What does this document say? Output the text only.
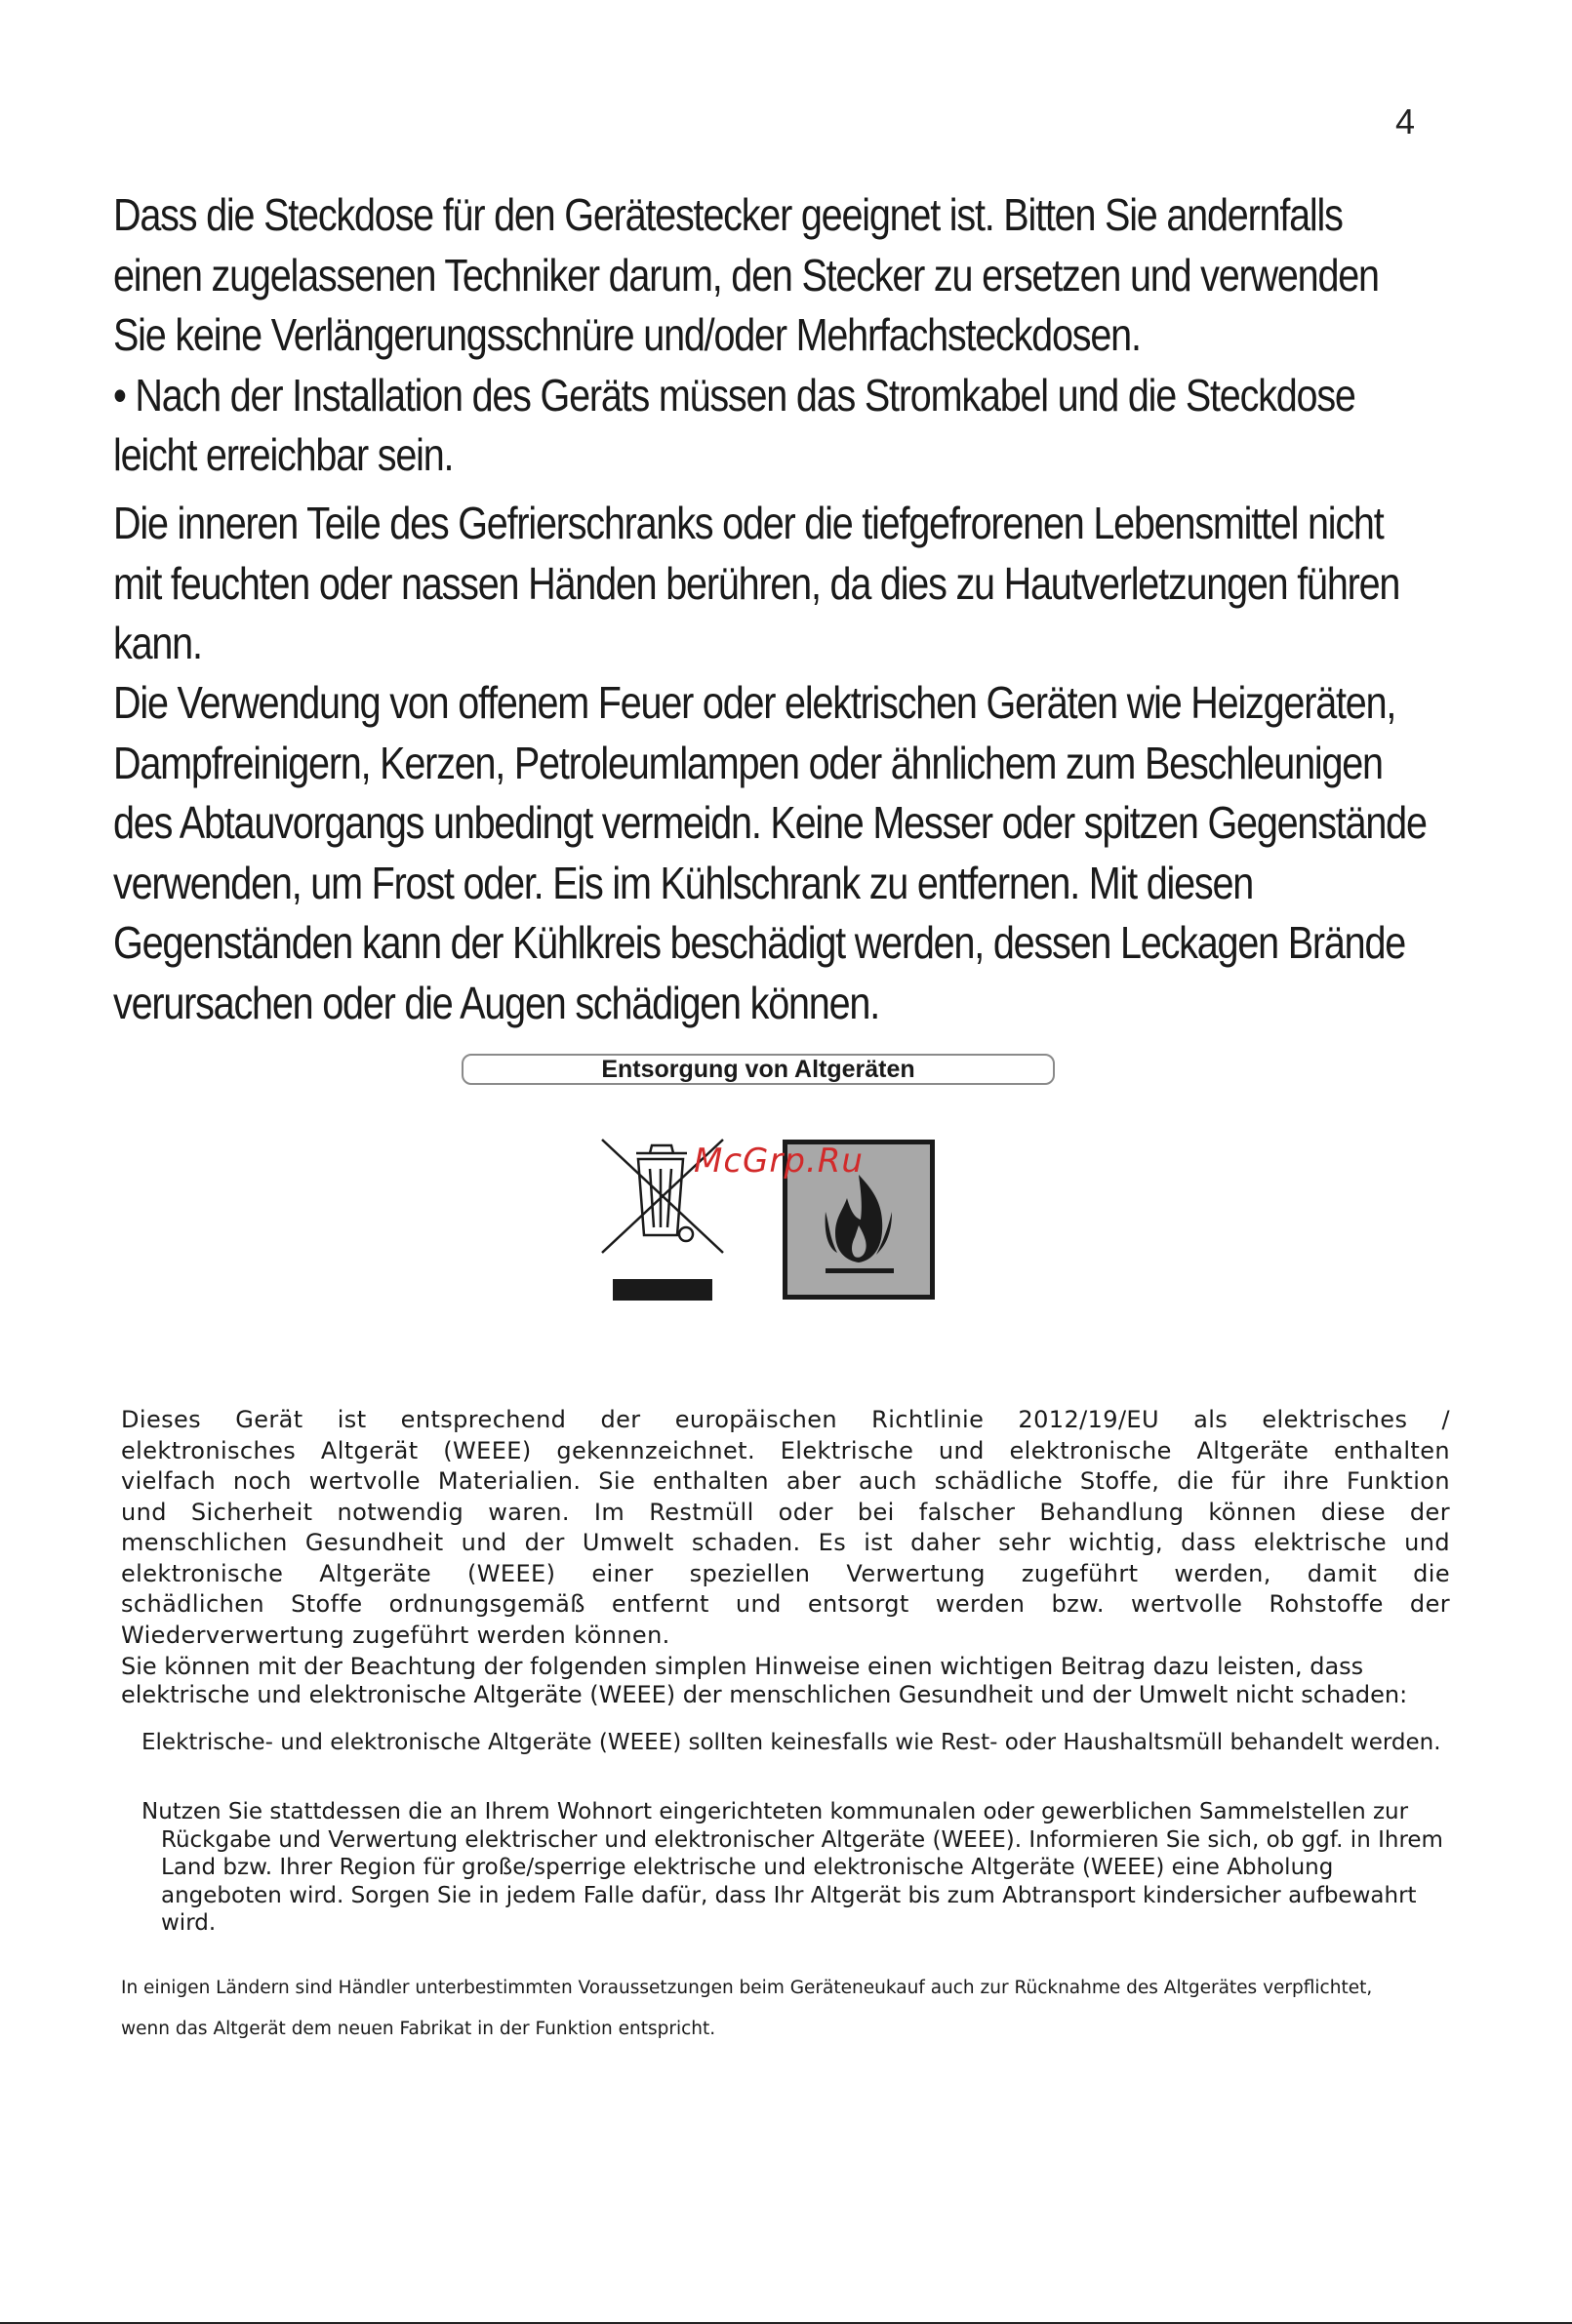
4

Dass die Steckdose für den Gerätestecker geeignet ist. Bitten Sie andernfalls

einen zugelassenen Techniker darum, den Stecker zu ersetzen und verwenden

Sie keine Verlängerungsschnüre und/oder Mehrfachsteckdosen.

• Nach der Installation des Geräts müssen das Stromkabel und die Steckdose

leicht erreichbar sein.

Die inneren Teile des Gefrierschranks oder die tiefgefrorenen Lebensmittel nicht

mit feuchten oder nassen Händen berühren, da dies zu Hautverletzungen führen

kann.

Die Verwendung von offenem Feuer oder elektrischen Geräten wie Heizgeräten,

Dampfreinigern, Kerzen, Petroleumlampen oder ähnlichem zum Beschleunigen

des Abtauvorgangs unbedingt vermeidn. Keine Messer oder spitzen Gegenstände

verwenden, um Frost oder. Eis im Kühlschrank zu entfernen. Mit diesen

Gegenständen kann der Kühlkreis beschädigt werden, dessen Leckagen Brände

verursachen oder die Augen schädigen können.

Entsorgung von Altgeräten
McGrp.Ru

Dieses Gerät ist entsprechend der europäischen Richtlinie 2012/19/EU als elektrisches /

elektronisches Altgerät (WEEE) gekennzeichnet. Elektrische und elektronische Altgeräte enthalten

vielfach noch wertvolle Materialien. Sie enthalten aber auch schädliche Stoffe, die für ihre Funktion

und Sicherheit notwendig waren. Im Restmüll oder bei falscher Behandlung können diese der

menschlichen Gesundheit und der Umwelt schaden. Es ist daher sehr wichtig, dass elektrische und

elektronische Altgeräte (WEEE) einer speziellen Verwertung zugeführt werden, damit die

schädlichen Stoffe ordnungsgemäß entfernt und entsorgt werden bzw. wertvolle Rohstoffe der

Wiederverwertung zugeführt werden können.

Sie können mit der Beachtung der folgenden simplen Hinweise einen wichtigen Beitrag dazu leisten, dass

elektrische und elektronische Altgeräte (WEEE) der menschlichen Gesundheit und der Umwelt nicht schaden:

Elektrische- und elektronische Altgeräte (WEEE) sollten keinesfalls wie Rest- oder Haushaltsmüll behandelt werden.
Nutzen Sie stattdessen die an Ihrem Wohnort eingerichteten kommunalen oder gewerblichen Sammelstellen zur Rückgabe und Verwertung elektrischer und elektronischer Altgeräte (WEEE). Informieren Sie sich, ob ggf. in Ihrem Land bzw. Ihrer Region für große/sperrige elektrische und elektronische Altgeräte (WEEE) eine Abholung angeboten wird. Sorgen Sie in jedem Falle dafür, dass Ihr Altgerät bis zum Abtransport kindersicher aufbewahrt wird.

In einigen Ländern sind Händler unterbestimmten Voraussetzungen beim Geräteneukauf auch zur Rücknahme des Altgerätes verpflichtet,

wenn das Altgerät dem neuen Fabrikat in der Funktion entspricht.
